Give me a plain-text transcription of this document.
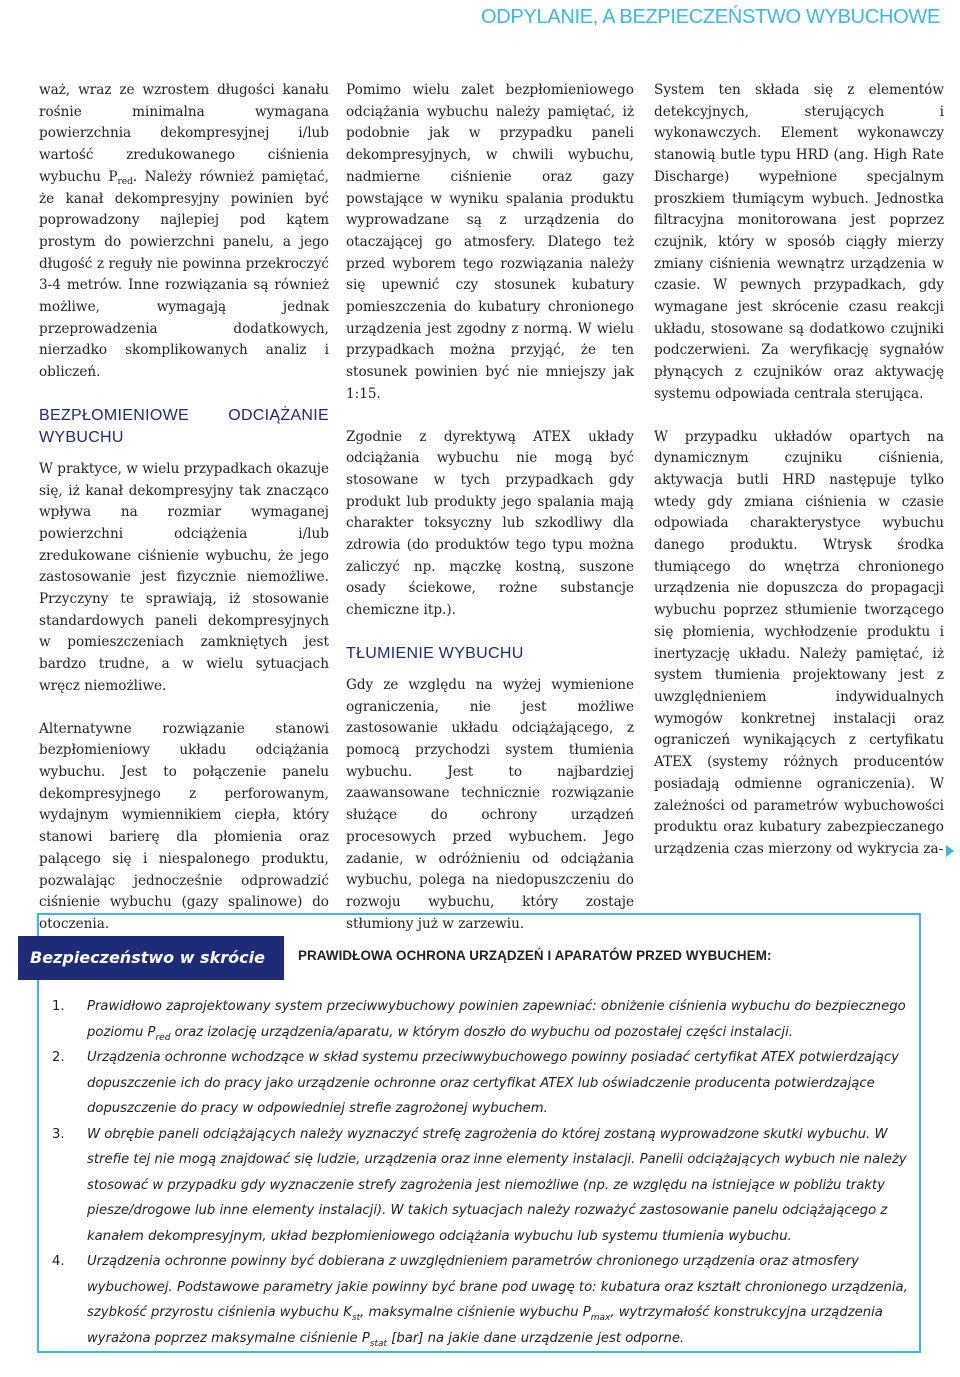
ODPYLANIE, A BEZPIECZEŃSTWO WYBUCHOWE

waż, wraz ze wzrostem długości kanału rośnie minimalna wymagana powierzchnia dekompresyjnej i/lub wartość zredukowanego ciśnienia wybuchu $P_{red}$. Należy również pamiętać, że kanał dekompresyjny powinien być poprowadzony najlepiej pod kątem prostym do powierzchni panelu, a jego długość z reguły nie powinna przekroczyć 3-4 metrów. Inne rozwiązania są również możliwe, wymagają jednak przeprowadzenia dodatkowych, nierzadko skomplikowanych analiz i obliczeń.

BEZPŁOMIENIOWE ODCIĄŻANIE WYBUCHU

W praktyce, w wielu przypadkach okazuje się, iż kanał dekompresyjny tak znacząco wpływa na rozmiar wymaganej powierzchni odciążenia i/lub zredukowane ciśnienie wybuchu, że jego zastosowanie jest fizycznie niemożliwe. Przyczyny te sprawiają, iż stosowanie standardowych paneli dekompresyjnych w pomieszczeniach zamkniętych jest bardzo trudne, a w wielu sytuacjach wręcz niemożliwe.

Alternatywne rozwiązanie stanowi bezpłomieniowy układu odciążania wybuchu. Jest to połączenie panelu dekompresyjnego z perforowanym, wydajnym wymiennikiem ciepła, który stanowi barierę dla płomienia oraz palącego się i niespalonego produktu, pozwalając jednocześnie odprowadzić ciśnienie wybuchu (gazy spalinowe) do otoczenia.

Pomimo wielu zalet bezpłomieniowego odciążania wybuchu należy pamiętać, iż podobnie jak w przypadku paneli dekompresyjnych, w chwili wybuchu, nadmierne ciśnienie oraz gazy powstające w wyniku spalania produktu wyprowadzane są z urządzenia do otaczającej go atmosfery. Dlatego też przed wyborem tego rozwiązania należy się upewnić czy stosunek kubatury pomieszczenia do kubatury chronionego urządzenia jest zgodny z normą. W wielu przypadkach można przyjąć, że ten stosunek powinien być nie mniejszy jak 1:15.

Zgodnie z dyrektywą ATEX układy odciążania wybuchu nie mogą być stosowane w tych przypadkach gdy produkt lub produkty jego spalania mają charakter toksyczny lub szkodliwy dla zdrowia (do produktów tego typu można zaliczyć np. mączkę kostną, suszone osady ściekowe, rożne substancje chemiczne itp.).

TŁUMIENIE WYBUCHU

Gdy ze względu na wyżej wymienione ograniczenia, nie jest możliwe zastosowanie układu odciążającego, z pomocą przychodzi system tłumienia wybuchu. Jest to najbardziej zaawansowane technicznie rozwiązanie służące do ochrony urządzeń procesowych przed wybuchem. Jego zadanie, w odróżnieniu od odciążania wybuchu, polega na niedopuszczeniu do rozwoju wybuchu, który zostaje stłumiony już w zarzewiu.

System ten składa się z elementów detekcyjnych, sterujących i wykonawczych. Element wykonawczy stanowią butle typu HRD (ang. High Rate Discharge) wypełnione specjalnym proszkiem tłumiącym wybuch. Jednostka filtracyjna monitorowana jest poprzez czujnik, który w sposób ciągły mierzy zmiany ciśnienia wewnątrz urządzenia w czasie. W pewnych przypadkach, gdy wymagane jest skrócenie czasu reakcji układu, stosowane są dodatkowo czujniki podczerwieni. Za weryfikację sygnałów płynących z czujników oraz aktywację systemu odpowiada centrala sterująca.

W przypadku układów opartych na dynamicznym czujniku ciśnienia, aktywacja butli HRD następuje tylko wtedy gdy zmiana ciśnienia w czasie odpowiada charakterystyce wybuchu danego produktu. Wtrysk środka tłumiącego do wnętrza chronionego urządzenia nie dopuszcza do propagacji wybuchu poprzez stłumienie tworzącego się płomienia, wychłodzenie produktu i inertyzację układu. Należy pamiętać, iż system tłumienia projektowany jest z uwzględnieniem indywidualnych wymogów konkretnej instalacji oraz ograniczeń wynikających z certyfikatu ATEX (systemy różnych producentów posiadają odmienne ograniczenia). W zależności od parametrów wybuchowości produktu oraz kubatury zabezpieczanego urządzenia czas mierzony od wykrycia za-

Bezpieczeństwo w skrócie	PRAWIDŁOWA OCHRONA URZĄDZEŃ I APARATÓW PRZED WYBUCHEM:
1. Prawidłowo zaprojektowany system przeciwwybuchowy powinien zapewniać: obniżenie ciśnienia wybuchu do bezpiecznego poziomu $P_{red}$ oraz izolację urządzenia/aparatu, w którym doszło do wybuchu od pozostałej części instalacji.
2. Urządzenia ochronne wchodzące w skład systemu przeciwwybuchowego powinny posiadać certyfikat ATEX potwierdzający dopuszczenie ich do pracy jako urządzenie ochronne oraz certyfikat ATEX lub oświadczenie producenta potwierdzające dopuszczenie do pracy w odpowiedniej strefie zagrożonej wybuchem.
3. W obrębie paneli odciążających należy wyznaczyć strefę zagrożenia do której zostaną wyprowadzone skutki wybuchu. W strefie tej nie mogą znajdować się ludzie, urządzenia oraz inne elementy instalacji. Panelii odciążających wybuch nie należy stosować w przypadku gdy wyznaczenie strefy zagrożenia jest niemożliwe (np. ze względu na istniejące w pobliżu trakty piesze/drogowe lub inne elementy instalacji). W takich sytuacjach należy rozważyć zastosowanie panelu odciążającego z kanałem dekompresyjnym, układ bezpłomieniowego odciążania wybuchu lub systemu tłumienia wybuchu.
4. Urządzenia ochronne powinny być dobierana z uwzględnieniem parametrów chronionego urządzenia oraz atmosfery wybuchowej. Podstawowe parametry jakie powinny być brane pod uwagę to: kubatura oraz kształt chronionego urządzenia, szybkość przyrostu ciśnienia wybuchu $K_{st}$, maksymalne ciśnienie wybuchu $P_{max}$, wytrzymałość konstrukcyjna urządzenia wyrażona poprzez maksymalne ciśnienie $P_{stat}$ [bar] na jakie dane urządzenie jest odporne.
